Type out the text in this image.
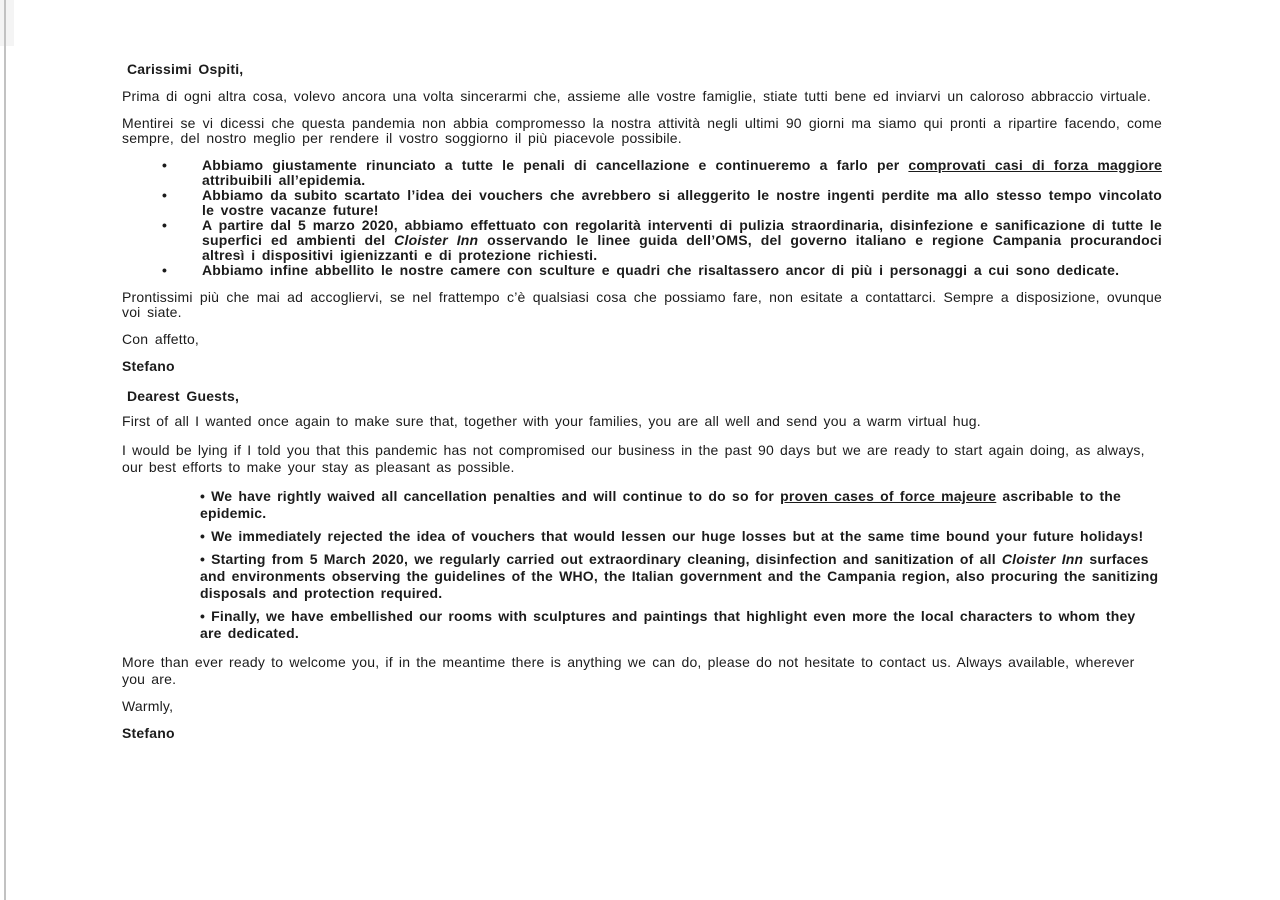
Carissimi Ospiti,

Prima di ogni altra cosa, volevo ancora una volta sincerarmi che, assieme alle vostre famiglie, stiate tutti bene ed inviarvi un caloroso abbraccio virtuale.

Mentirei se vi dicessi che questa pandemia non abbia compromesso la nostra attività negli ultimi 90 giorni ma siamo qui pronti a ripartire facendo, come sempre, del nostro meglio per rendere il vostro soggiorno il più piacevole possibile.

•	Abbiamo giustamente rinunciato a tutte le penali di cancellazione e continueremo a farlo per comprovati casi di forza maggiore attribuibili all’epidemia.
•	Abbiamo da subito scartato l’idea dei vouchers che avrebbero si alleggerito le nostre ingenti perdite ma allo stesso tempo vincolato le vostre vacanze future!
•	A partire dal 5 marzo 2020, abbiamo effettuato con regolarità interventi di pulizia straordinaria, disinfezione e sanificazione di tutte le superfici ed ambienti del Cloister Inn osservando le linee guida dell’OMS, del governo italiano e regione Campania procurandoci altresì i dispositivi igienizzanti e di protezione richiesti.
•	Abbiamo infine abbellito le nostre camere con sculture e quadri che risaltassero ancor di più i personaggi a cui sono dedicate.

Prontissimi più che mai ad accogliervi, se nel frattempo c’è qualsiasi cosa che possiamo fare, non esitate a contattarci. Sempre a disposizione, ovunque voi siate.

Con affetto,

Stefano

Dearest Guests,

First of all I wanted once again to make sure that, together with your families, you are all well and send you a warm virtual hug.

I would be lying if I told you that this pandemic has not compromised our business in the past 90 days but we are ready to start again doing, as always, our best efforts to make your stay as pleasant as possible.

• We have rightly waived all cancellation penalties and will continue to do so for proven cases of force majeure ascribable to the epidemic.

• We immediately rejected the idea of vouchers that would lessen our huge losses but at the same time bound your future holidays!

• Starting from 5 March 2020, we regularly carried out extraordinary cleaning, disinfection and sanitization of all Cloister Inn surfaces and environments observing the guidelines of the WHO, the Italian government and the Campania region, also procuring the sanitizing disposals and protection required.

• Finally, we have embellished our rooms with sculptures and paintings that highlight even more the local characters to whom they are dedicated.

More than ever ready to welcome you, if in the meantime there is anything we can do, please do not hesitate to contact us. Always available, wherever you are.

Warmly,

Stefano
